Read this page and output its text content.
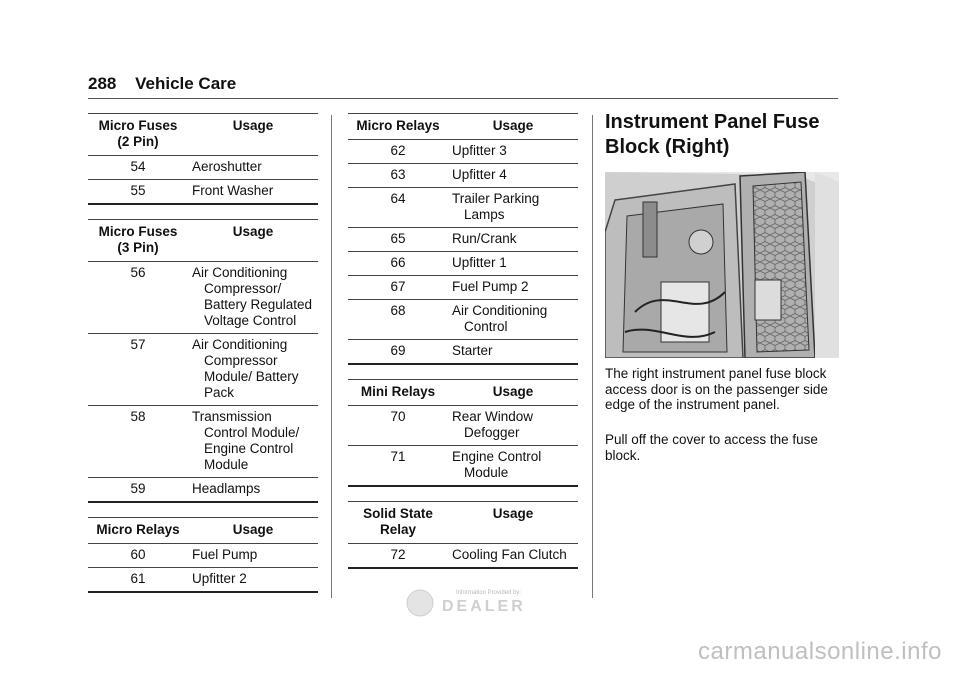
288 Vehicle Care
Micro Fuses (2 Pin)	Usage
54	Aeroshutter

55	Front Washer
Micro Fuses (3 Pin)	Usage
56	Air Conditioning Compressor/ Battery Regulated Voltage Control

57	Air Conditioning Compressor Module/ Battery Pack

58	Transmission Control Module/ Engine Control Module

59	Headlamps
Micro Relays	Usage
60	Fuel Pump

61	Upfitter 2
Micro Relays	Usage
62	Upfitter 3

63	Upfitter 4

64	Trailer Parking Lamps

65	Run/Crank

66	Upfitter 1

67	Fuel Pump 2

68	Air Conditioning Control

69	Starter
Mini Relays	Usage
70	Rear Window Defogger

71	Engine Control Module
Solid State Relay	Usage
72	Cooling Fan Clutch
Instrument Panel Fuse Block (Right)
The right instrument panel fuse block access door is on the passenger side edge of the instrument panel.
Pull off the cover to access the fuse block.
Information Provided by:
DEALER
carmanualsonline.info
